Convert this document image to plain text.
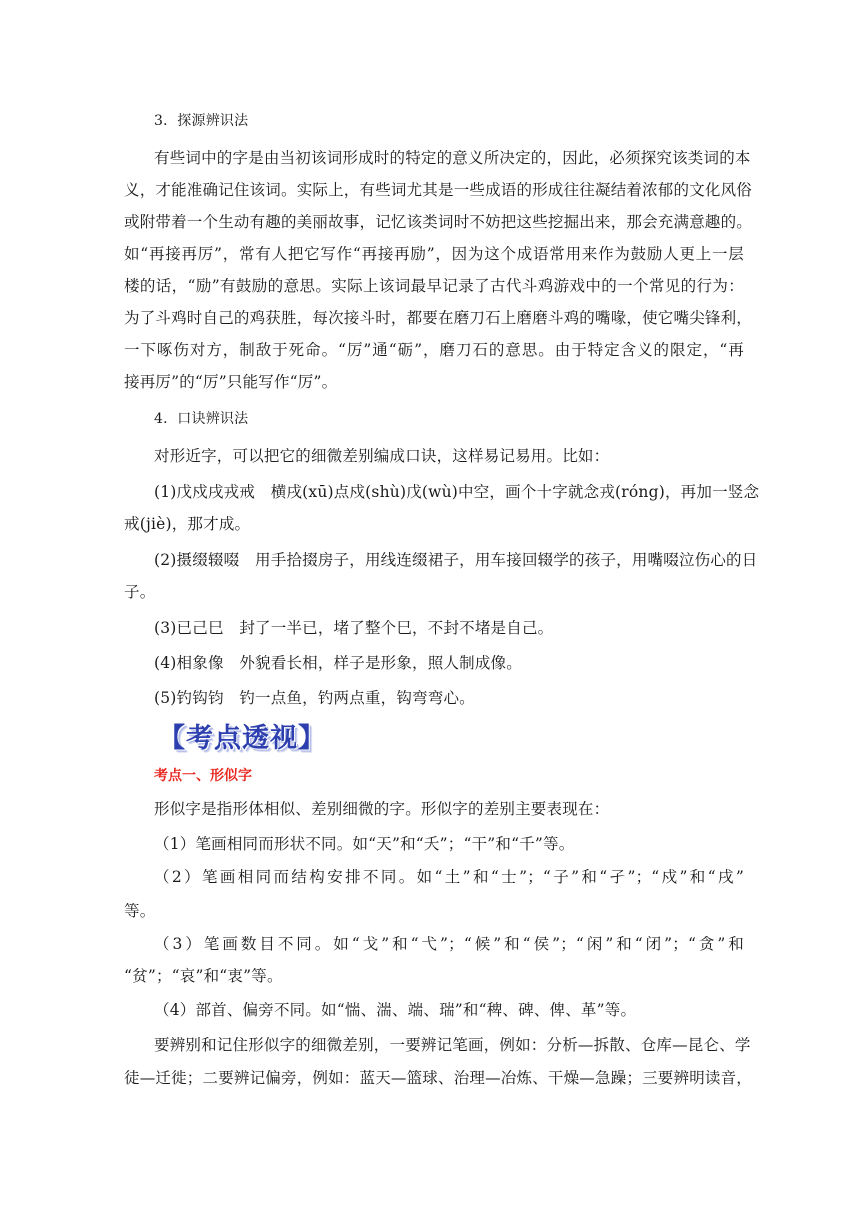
3．探源辨识法
有些词中的字是由当初该词形成时的特定的意义所决定的，因此，必须探究该类词的本
义，才能准确记住该词。实际上，有些词尤其是一些成语的形成往往凝结着浓郁的文化风俗
或附带着一个生动有趣的美丽故事，记忆该类词时不妨把这些挖掘出来，那会充满意趣的。
如“再接再厉”，常有人把它写作“再接再励”，因为这个成语常用来作为鼓励人更上一层
楼的话，“励”有鼓励的意思。实际上该词最早记录了古代斗鸡游戏中的一个常见的行为：
为了斗鸡时自己的鸡获胜，每次接斗时，都要在磨刀石上磨磨斗鸡的嘴喙，使它嘴尖锋利，
一下啄伤对方，制敌于死命。“厉”通“砺”，磨刀石的意思。由于特定含义的限定，“再
接再厉”的“厉”只能写作“厉”。
4．口诀辨识法
对形近字，可以把它的细微差别编成口诀，这样易记易用。比如：
(1)戊戍戌戎戒　横戌(xū)点戍(shù)戊(wù)中空，画个十字就念戎(róng)，再加一竖念
戒(jiè)，那才成。
(2)摄缀辍啜　用手拾掇房子，用线连缀裙子，用车接回辍学的孩子，用嘴啜泣伤心的日
子。
(3)已己巳　封了一半已，堵了整个巳，不封不堵是自己。
(4)相象像　外貌看长相，样子是形象，照人制成像。
(5)钓钩钧　钓一点鱼，钓两点重，钩弯弯心。
【考点透视】
考点一、形似字
形似字是指形体相似、差别细微的字。形似字的差别主要表现在：
（1）笔画相同而形状不同。如“天”和“夭”；“干”和“千”等。
（2）笔画相同而结构安排不同。如“土”和“士”；“子”和“孑”；“戍”和“戌”
等。
（3）笔画数目不同。如“戈”和“弋”；“候”和“侯”；“闲”和“闭”；“贪”和
“贫”；“哀”和“衷”等。
（4）部首、偏旁不同。如“惴、湍、端、瑞”和“稗、碑、俾、革”等。
要辨别和记住形似字的细微差别，一要辨记笔画，例如：分析—拆散、仓库—昆仑、学
徒—迁徙；二要辨记偏旁，例如：蓝天—篮球、治理—冶炼、干燥—急躁；三要辨明读音，
